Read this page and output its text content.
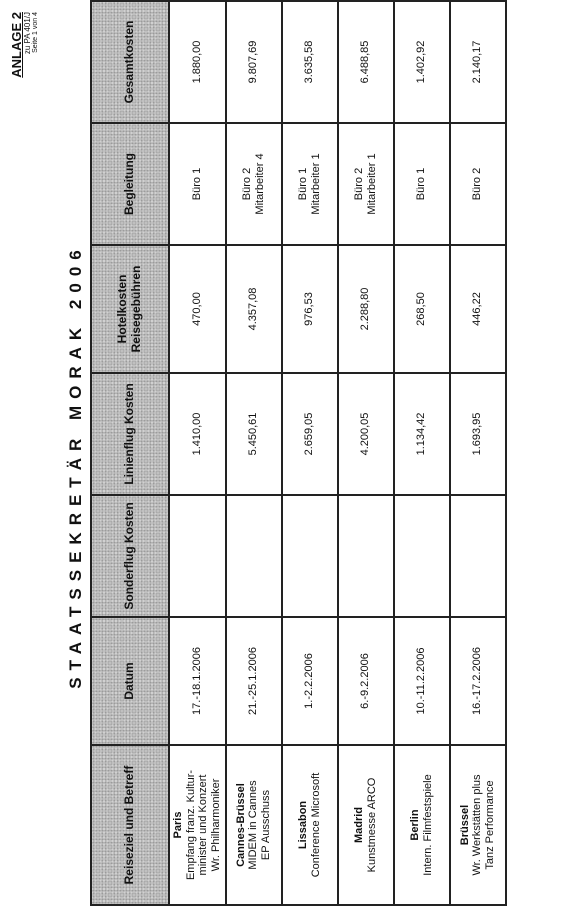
ANLAGE 2
zu PA 401/J Seite 1 von 4
STAATSSEKRETÄR MORAK 2006
Reiseziel und Betreff	Datum	Sonderflug Kosten	Linienflug Kosten	Hotelkosten Reisegebühren	Begleitung	Gesamtkosten

Paris Empfang franz. Kultur- minister und Konzert Wr. Philharmoniker	17.-18.1.2006		1.410,00	470,00	Büro 1	1.880,00

Cannes-Brüssel MIDEM in Cannes EP Ausschuss	21.-25.1.2006		5.450,61	4.357,08	Büro 2 Mitarbeiter 4	9.807,69

Lissabon Conference Microsoft	1.-2.2.2006		2.659,05	976,53	Büro 1 Mitarbeiter 1	3.635,58

Madrid Kunstmesse ARCO	6.-9.2.2006		4.200,05	2.288,80	Büro 2 Mitarbeiter 1	6.488,85

Berlin Intern. Filmfestspiele	10.-11.2.2006		1.134,42	268,50	Büro 1	1.402,92

Brüssel Wr. Werkstätten plus Tanz Performance	16.-17.2.2006		1.693,95	446,22	Büro 2	2.140,17
